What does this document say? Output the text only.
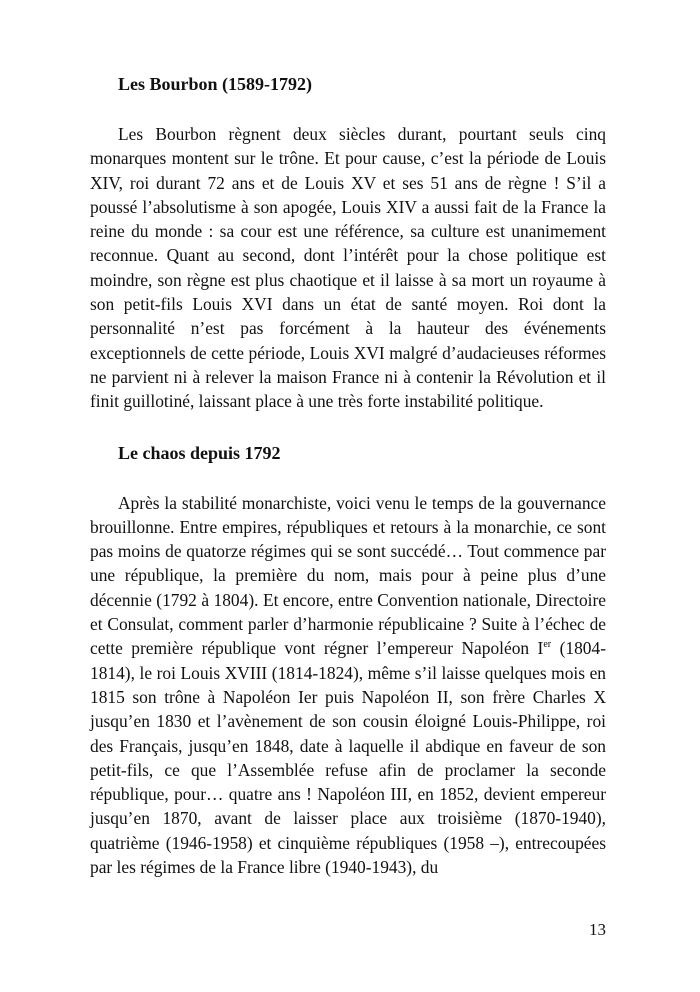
Les Bourbon (1589-1792)

Les Bourbon règnent deux siècles durant, pourtant seuls cinq monarques montent sur le trône. Et pour cause, c’est la période de Louis XIV, roi durant 72 ans et de Louis XV et ses 51 ans de règne ! S’il a poussé l’absolutisme à son apogée, Louis XIV a aussi fait de la France la reine du monde : sa cour est une référence, sa culture est unanimement reconnue. Quant au second, dont l’intérêt pour la chose politique est moindre, son règne est plus chaotique et il laisse à sa mort un royaume à son petit-fils Louis XVI dans un état de santé moyen. Roi dont la personnalité n’est pas forcément à la hauteur des événements exceptionnels de cette période, Louis XVI malgré d’audacieuses réformes ne parvient ni à relever la maison France ni à contenir la Révolution et il finit guillotiné, laissant place à une très forte instabilité politique.

Le chaos depuis 1792

Après la stabilité monarchiste, voici venu le temps de la gouvernance brouillonne. Entre empires, républiques et retours à la monarchie, ce sont pas moins de quatorze régimes qui se sont succédé… Tout commence par une république, la première du nom, mais pour à peine plus d’une décennie (1792 à 1804). Et encore, entre Convention nationale, Directoire et Consulat, comment parler d’harmonie républicaine ? Suite à l’échec de cette première république vont régner l’empereur Napoléon Ier (1804-1814), le roi Louis XVIII (1814-1824), même s’il laisse quelques mois en 1815 son trône à Napoléon Ier puis Napoléon II, son frère Charles X jusqu’en 1830 et l’avènement de son cousin éloigné Louis-Philippe, roi des Français, jusqu’en 1848, date à laquelle il abdique en faveur de son petit-fils, ce que l’Assemblée refuse afin de proclamer la seconde république, pour… quatre ans ! Napoléon III, en 1852, devient empereur jusqu’en 1870, avant de laisser place aux troisième (1870-1940), quatrième (1946-1958) et cinquième républiques (1958 –), entrecoupées par les régimes de la France libre (1940-1943), du

13
